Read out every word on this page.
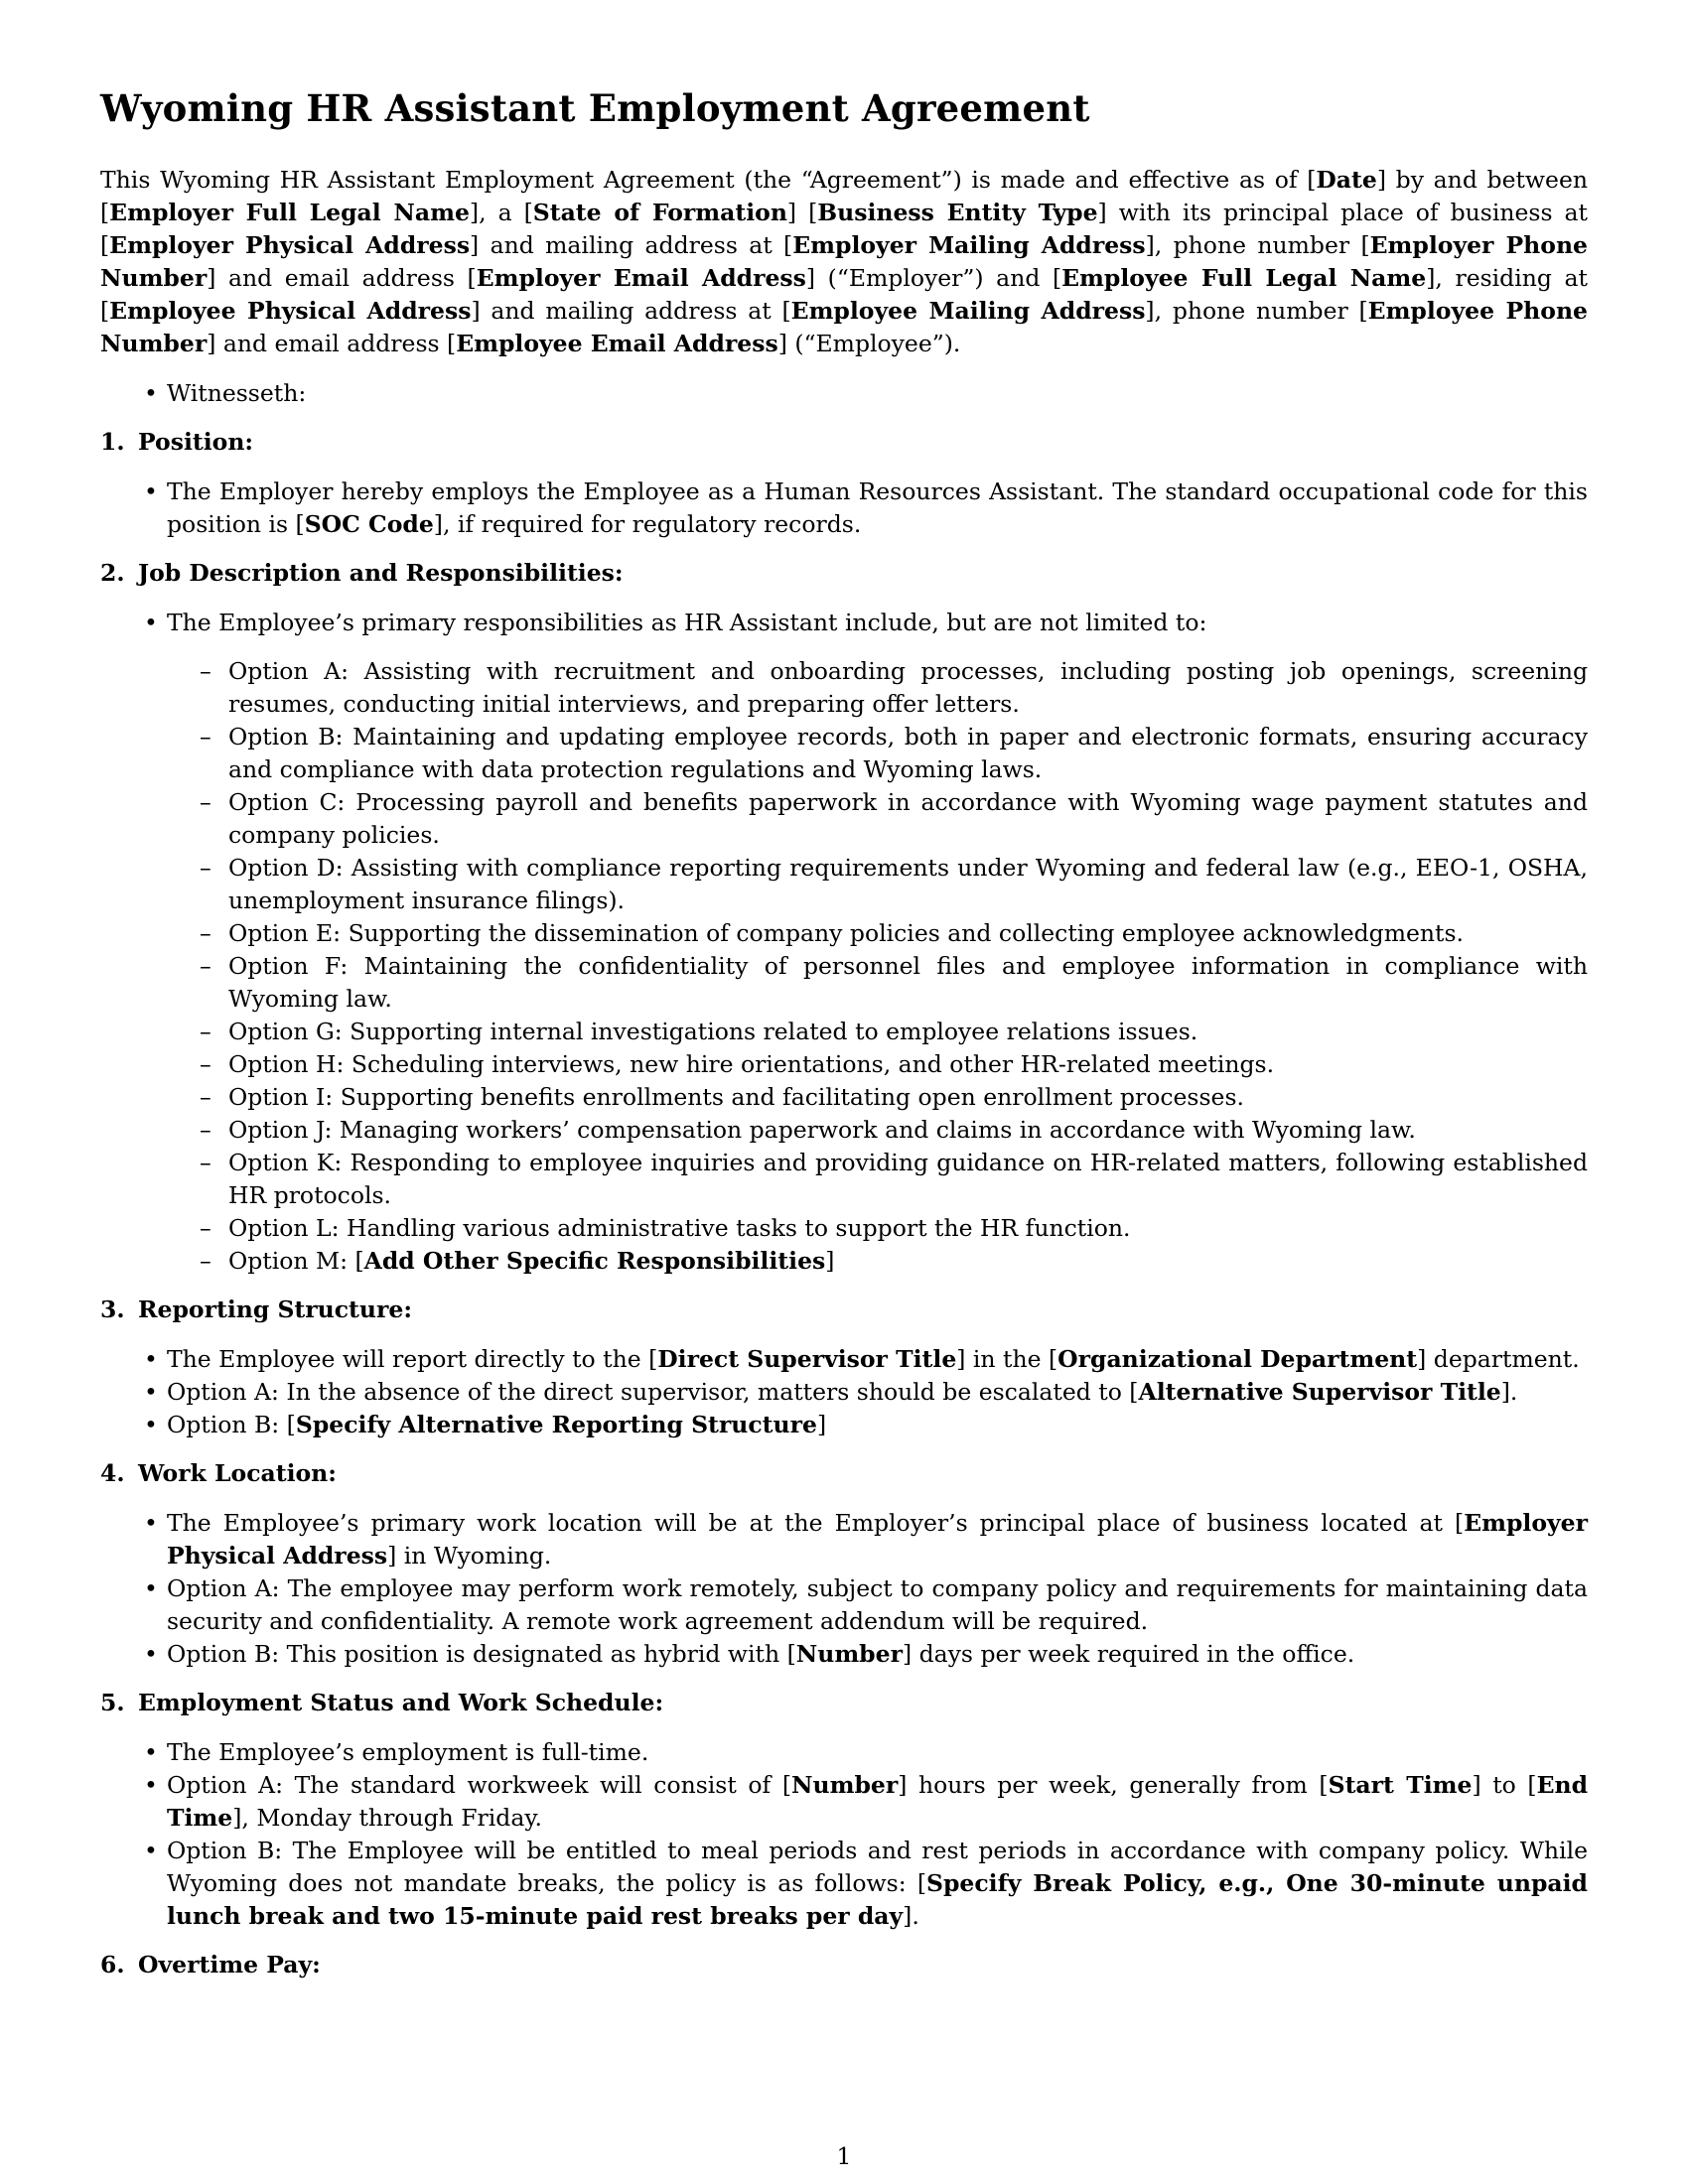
Wyoming HR Assistant Employment Agreement

This Wyoming HR Assistant Employment Agreement (the “Agreement”) is made and effective as of [Date] by and between [Employer Full Legal Name], a [State of Formation] [Business Entity Type] with its principal place of business at [Employer Physical Address] and mailing address at [Employer Mailing Address], phone number [Employer Phone Number] and email address [Employer Email Address] (“Employer”) and [Employee Full Legal Name], residing at [Employee Physical Address] and mailing address at [Employee Mailing Address], phone number [Employee Phone Number] and email address [Employee Email Address] (“Employee”).

• Witnesseth:
1. Position:
• The Employer hereby employs the Employee as a Human Resources Assistant. The standard occupational code for this position is [SOC Code], if required for regulatory records.
2. Job Description and Responsibilities:
• The Employee’s primary responsibilities as HR Assistant include, but are not limited to:
– Option A: Assisting with recruitment and onboarding processes, including posting job openings, screening resumes, conducting initial interviews, and preparing offer letters.
– Option B: Maintaining and updating employee records, both in paper and electronic formats, ensuring accuracy and compliance with data protection regulations and Wyoming laws.
– Option C: Processing payroll and benefits paperwork in accordance with Wyoming wage payment statutes and company policies.
– Option D: Assisting with compliance reporting requirements under Wyoming and federal law (e.g., EEO-1, OSHA, unemployment insurance filings).
– Option E: Supporting the dissemination of company policies and collecting employee acknowledgments.
– Option F: Maintaining the confidentiality of personnel files and employee information in compliance with Wyoming law.
– Option G: Supporting internal investigations related to employee relations issues.
– Option H: Scheduling interviews, new hire orientations, and other HR-related meetings.
– Option I: Supporting benefits enrollments and facilitating open enrollment processes.
– Option J: Managing workers’ compensation paperwork and claims in accordance with Wyoming law.
– Option K: Responding to employee inquiries and providing guidance on HR-related matters, following established HR protocols.
– Option L: Handling various administrative tasks to support the HR function.
– Option M: [Add Other Specific Responsibilities]
3. Reporting Structure:
• The Employee will report directly to the [Direct Supervisor Title] in the [Organizational Department] department.
• Option A: In the absence of the direct supervisor, matters should be escalated to [Alternative Supervisor Title].
• Option B: [Specify Alternative Reporting Structure]
4. Work Location:
• The Employee’s primary work location will be at the Employer’s principal place of business located at [Employer Physical Address] in Wyoming.
• Option A: The employee may perform work remotely, subject to company policy and requirements for maintaining data security and confidentiality. A remote work agreement addendum will be required.
• Option B: This position is designated as hybrid with [Number] days per week required in the office.
5. Employment Status and Work Schedule:
• The Employee’s employment is full-time.
• Option A: The standard workweek will consist of [Number] hours per week, generally from [Start Time] to [End Time], Monday through Friday.
• Option B: The Employee will be entitled to meal periods and rest periods in accordance with company policy. While Wyoming does not mandate breaks, the policy is as follows: [Specify Break Policy, e.g., One 30-minute unpaid lunch break and two 15-minute paid rest breaks per day].
6. Overtime Pay:
1
